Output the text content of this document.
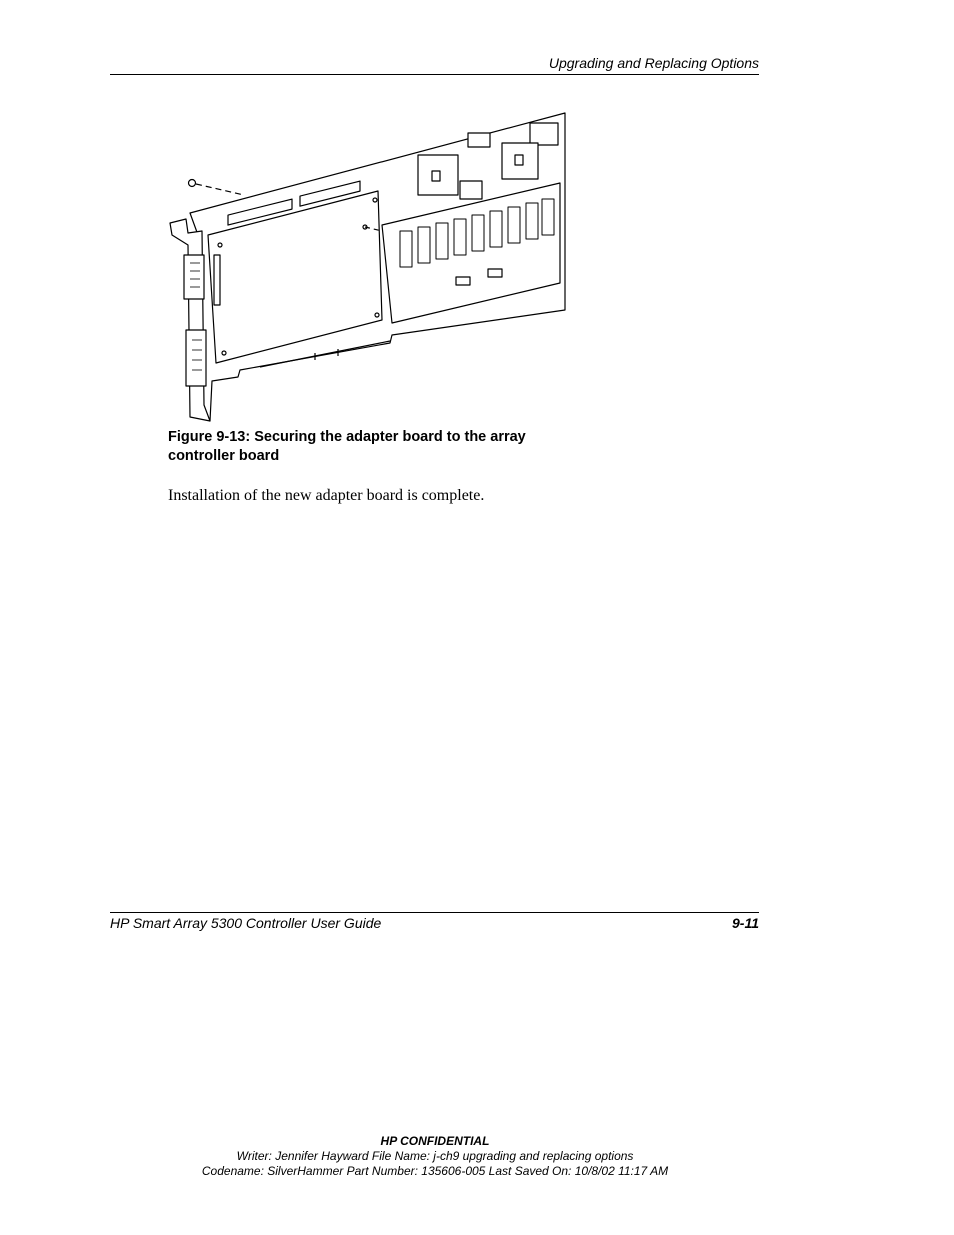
Upgrading and Replacing Options
Figure 9-13: Securing the adapter board to the array
controller board
Installation of the new adapter board is complete.
HP Smart Array 5300 Controller User Guide	9-11
HP CONFIDENTIAL
Writer: Jennifer Hayward File Name: j-ch9 upgrading and replacing options
Codename: SilverHammer Part Number: 135606-005 Last Saved On: 10/8/02 11:17 AM
